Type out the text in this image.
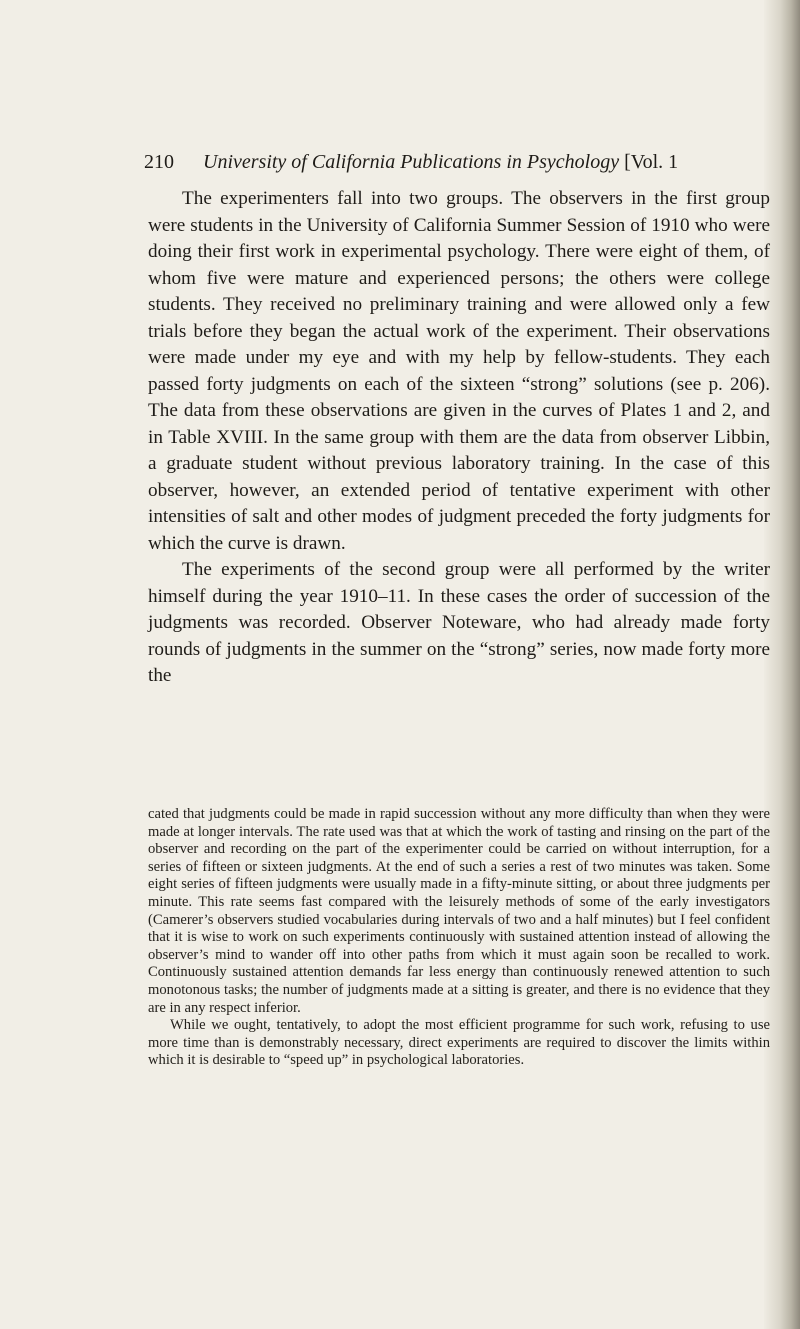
210 University of California Publications in Psychology [Vol. 1

The experimenters fall into two groups. The observers in the first group were students in the University of California Summer Session of 1910 who were doing their first work in experimental psychology. There were eight of them, of whom five were mature and experienced persons; the others were college students. They received no preliminary training and were allowed only a few trials before they began the actual work of the experiment. Their observations were made under my eye and with my help by fellow-students. They each passed forty judgments on each of the sixteen “strong” solutions (see p. 206). The data from these observations are given in the curves of Plates 1 and 2, and in Table XVIII. In the same group with them are the data from observer Libbin, a graduate student without previous laboratory training. In the case of this observer, however, an extended period of tentative experiment with other intensities of salt and other modes of judgment preceded the forty judgments for which the curve is drawn.

The experiments of the second group were all performed by the writer himself during the year 1910–11. In these cases the order of succession of the judgments was recorded. Observer Noteware, who had already made forty rounds of judgments in the summer on the “strong” series, now made forty more the

cated that judgments could be made in rapid succession without any more difficulty than when they were made at longer intervals. The rate used was that at which the work of tasting and rinsing on the part of the observer and recording on the part of the experimenter could be carried on without interruption, for a series of fifteen or sixteen judgments. At the end of such a series a rest of two minutes was taken. Some eight series of fifteen judgments were usually made in a fifty-minute sitting, or about three judgments per minute. This rate seems fast compared with the leisurely methods of some of the early investigators (Camerer’s observers studied vocabularies during intervals of two and a half minutes) but I feel confident that it is wise to work on such experiments continuously with sustained attention instead of allowing the observer’s mind to wander off into other paths from which it must again soon be recalled to work. Continuously sustained attention demands far less energy than continuously renewed attention to such monotonous tasks; the number of judgments made at a sitting is greater, and there is no evidence that they are in any respect inferior.

While we ought, tentatively, to adopt the most efficient programme for such work, refusing to use more time than is demonstrably necessary, direct experiments are required to discover the limits within which it is desirable to “speed up” in psychological laboratories.
